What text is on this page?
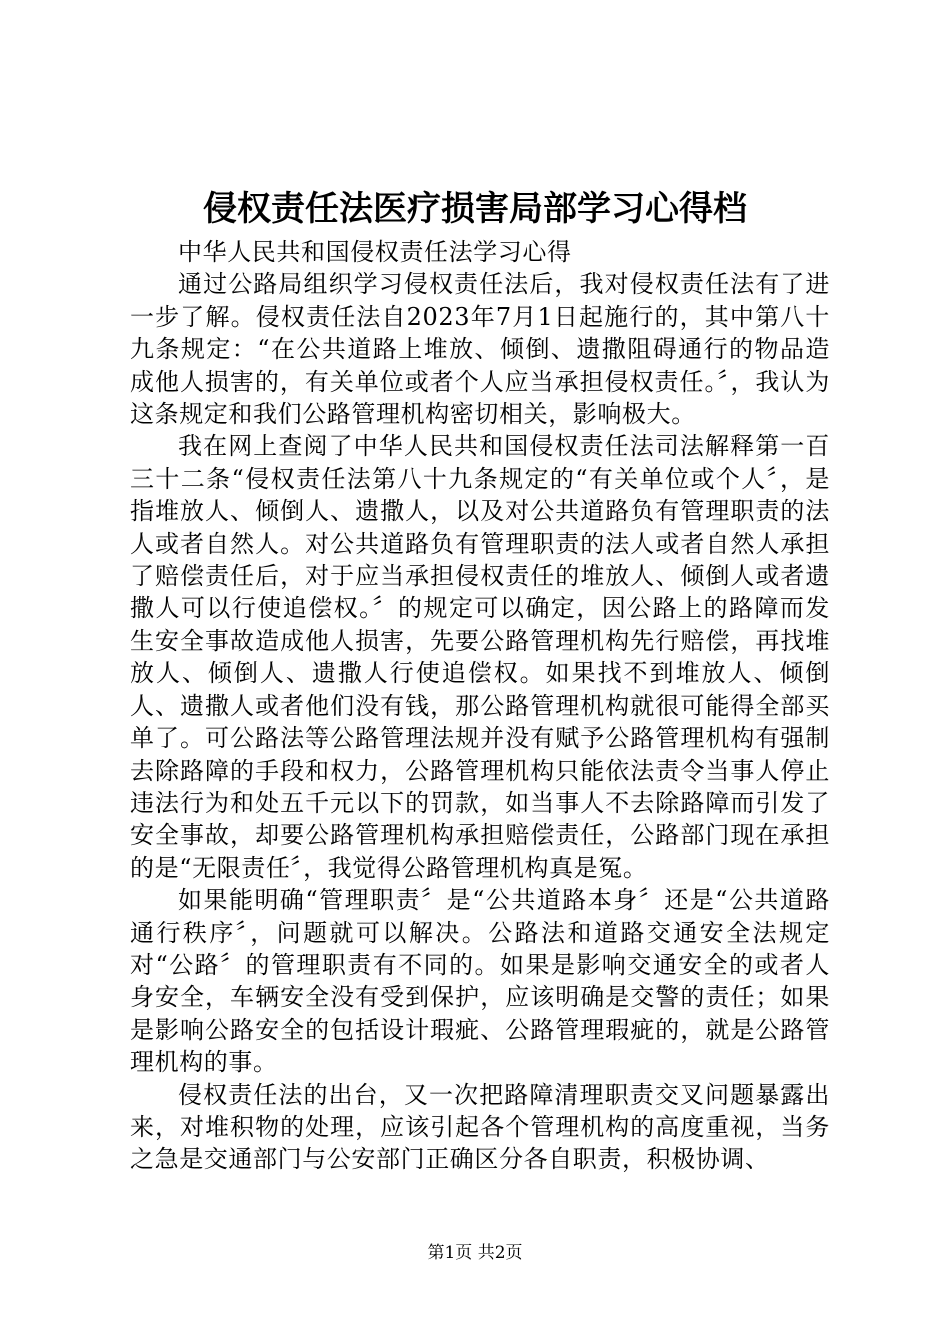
侵权责任法医疗损害局部学习心得档

中华人民共和国侵权责任法学习心得

通过公路局组织学习侵权责任法后，我对侵权责任法有了进一步了解。侵权责任法自2023年7月1日起施行的，其中第八十九条规定：“在公共道路上堆放、倾倒、遗撒阻碍通行的物品造成他人损害的，有关单位或者个人应当承担侵权责任。〞，我认为这条规定和我们公路管理机构密切相关，影响极大。

我在网上查阅了中华人民共和国侵权责任法司法解释第一百三十二条“侵权责任法第八十九条规定的“有关单位或个人〞，是指堆放人、倾倒人、遗撒人，以及对公共道路负有管理职责的法人或者自然人。对公共道路负有管理职责的法人或者自然人承担了赔偿责任后，对于应当承担侵权责任的堆放人、倾倒人或者遗撒人可以行使追偿权。〞的规定可以确定，因公路上的路障而发生安全事故造成他人损害，先要公路管理机构先行赔偿，再找堆放人、倾倒人、遗撒人行使追偿权。如果找不到堆放人、倾倒人、遗撒人或者他们没有钱，那公路管理机构就很可能得全部买单了。可公路法等公路管理法规并没有赋予公路管理机构有强制去除路障的手段和权力，公路管理机构只能依法责令当事人停止违法行为和处五千元以下的罚款，如当事人不去除路障而引发了安全事故，却要公路管理机构承担赔偿责任，公路部门现在承担的是“无限责任〞，我觉得公路管理机构真是冤。

如果能明确“管理职责〞是“公共道路本身〞还是“公共道路通行秩序〞，问题就可以解决。公路法和道路交通安全法规定对“公路〞的管理职责有不同的。如果是影响交通安全的或者人身安全，车辆安全没有受到保护，应该明确是交警的责任；如果是影响公路安全的包括设计瑕疵、公路管理瑕疵的，就是公路管理机构的事。

侵权责任法的出台，又一次把路障清理职责交叉问题暴露出来，对堆积物的处理，应该引起各个管理机构的高度重视，当务之急是交通部门与公安部门正确区分各自职责，积极协调、

第1页 共2页
